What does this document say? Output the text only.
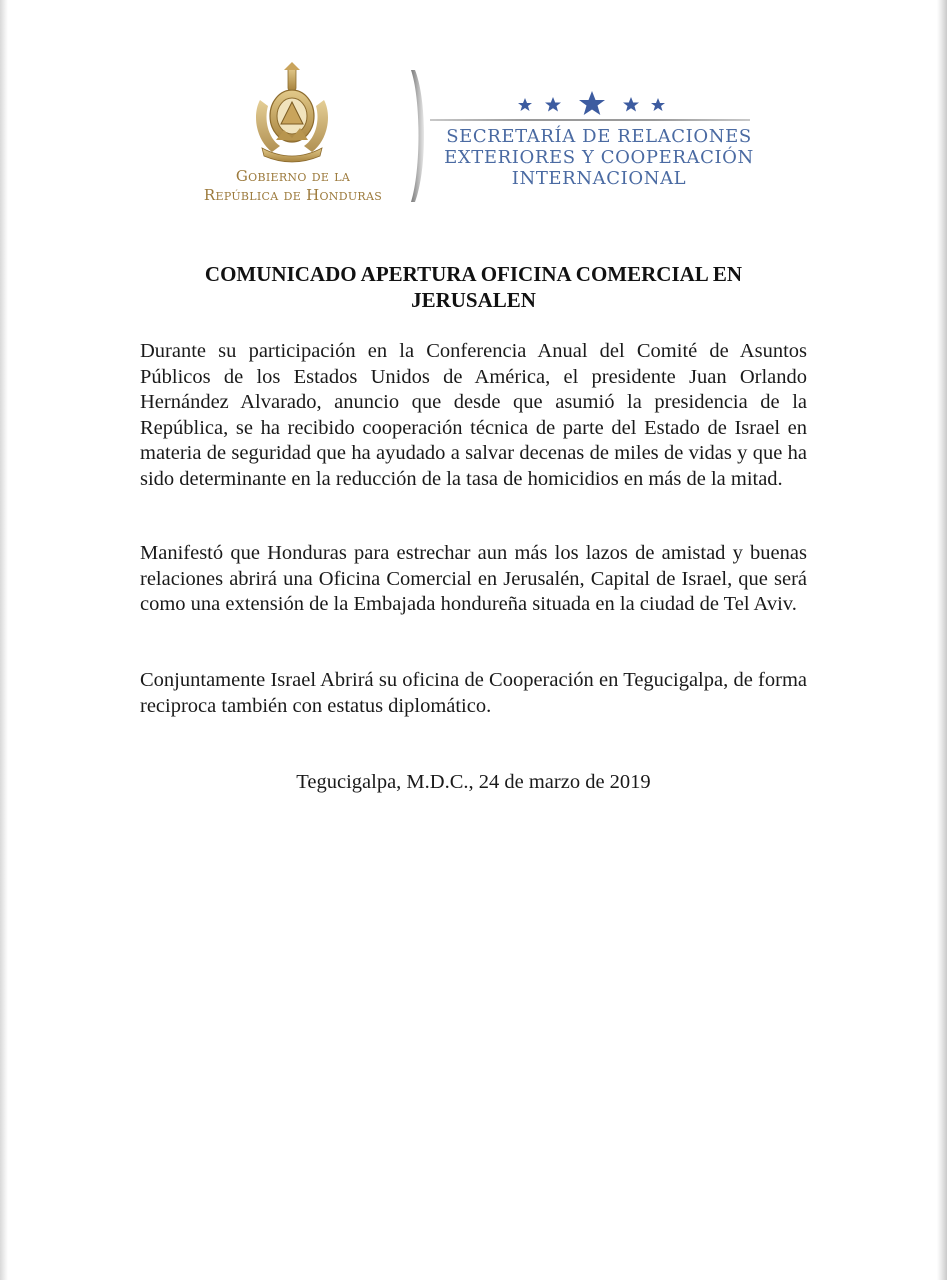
Gobierno de la
República de Honduras
SECRETARÍA DE RELACIONES
EXTERIORES Y COOPERACIÓN
INTERNACIONAL
COMUNICADO APERTURA OFICINA COMERCIAL EN
JERUSALEN

Durante su participación en la Conferencia Anual del Comité de Asuntos Públicos de los Estados Unidos de América, el presidente Juan Orlando Hernández Alvarado, anuncio que desde que asumió la presidencia de la República, se ha recibido cooperación técnica de parte del Estado de Israel en materia de seguridad que ha ayudado a salvar decenas de miles de vidas y que ha sido determinante en la reducción de la tasa de homicidios en más de la mitad.

Manifestó que Honduras para estrechar aun más los lazos de amistad y buenas relaciones abrirá una Oficina Comercial en Jerusalén, Capital de Israel, que será como una extensión de la Embajada hondureña situada en la ciudad de Tel Aviv.

Conjuntamente Israel Abrirá su oficina de Cooperación en Tegucigalpa, de forma reciproca también con estatus diplomático.

Tegucigalpa, M.D.C., 24 de marzo de 2019
